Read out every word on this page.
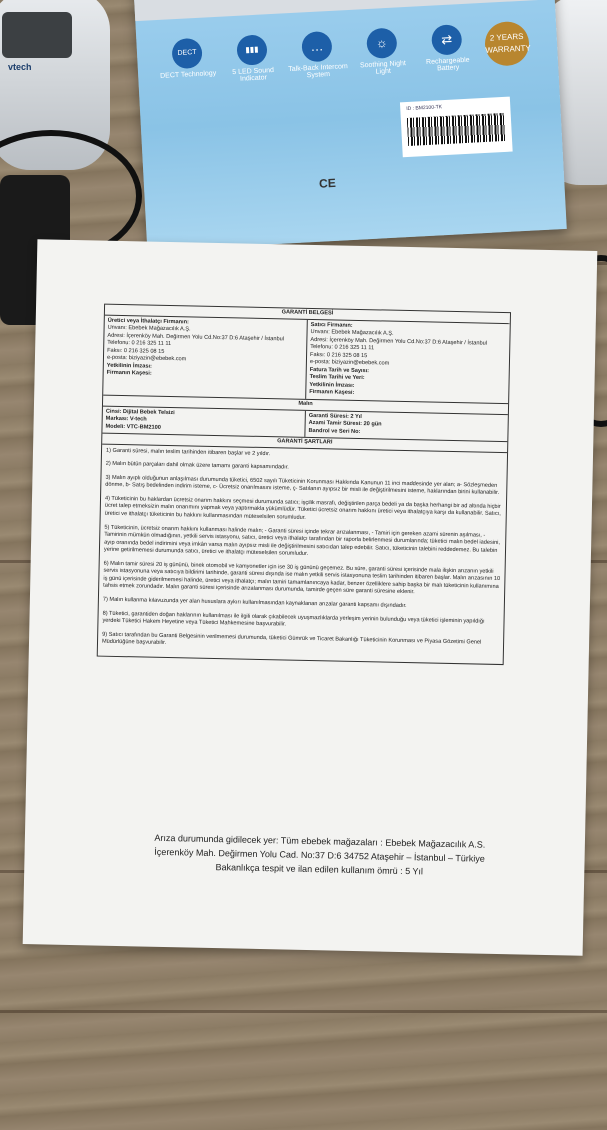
vtech
DECT
DECT Technology
▮▮▮
5 LED Sound Indicator
…
Talk-Back Intercom System
☼
Soothing Night Light
⇄
Rechargeable Battery
2 YEARS WARRANTY
ID : BM2100-TK
CE
GARANTİ BELGESİ
Üretici veya İthalatçı Firmanın:
Unvanı: Ebebek Mağazacılık A.Ş.
Adresi: İçerenköy Mah. Değirmen Yolu Cd.No:37 D:6 Ataşehir / İstanbul
Telefonu: 0 216 325 11 11
Faksı: 0 216 325 08 15
e-posta: biziyazin@ebebek.com
Yetkilinin İmzası:
Firmanın Kaşesi:
Satıcı Firmanın:
Unvanı: Ebebek Mağazacılık A.Ş.
Adresi: İçerenköy Mah. Değirmen Yolu Cd.No:37 D:6 Ataşehir / İstanbul
Telefonu: 0 216 325 11 11
Faksı: 0 216 325 08 15
e-posta: biziyazin@ebebek.com
Fatura Tarih ve Sayısı:
Teslim Tarihi ve Yeri:
Yetkilinin İmzası:
Firmanın Kaşesi:
Malın
Cinsi: Dijital Bebek Telsizi
Markası: V-tech
Modeli: VTC-BM2100
Garanti Süresi: 2 Yıl
Azami Tamir Süresi: 20 gün
Bandrol ve Seri No:
GARANTİ ŞARTLARI

1) Garanti süresi, malın teslim tarihinden itibaren başlar ve 2 yıldır.

2) Malın bütün parçaları dahil olmak üzere tamamı garanti kapsamındadır.

3) Malın ayıplı olduğunun anlaşılması durumunda tüketici, 6502 sayılı Tüketicinin Korunması Hakkında Kanunun 11 inci maddesinde yer alan; a- Sözleşmeden dönme, b- Satış bedelinden indirim isteme, c- Ücretsiz onarılmasını isteme, ç- Satılanın ayıpsız bir misli ile değiştirilmesini isteme, haklarından birini kullanabilir.

4) Tüketicinin bu haklardan ücretsiz onarım hakkını seçmesi durumunda satıcı; işçilik masrafı, değiştirilen parça bedeli ya da başka herhangi bir ad altında hiçbir ücret talep etmeksizin malın onarımını yapmak veya yaptırmakla yükümlüdür. Tüketici ücretsiz onarım hakkını üretici veya ithalatçıya karşı da kullanabilir. Satıcı, üretici ve ithalatçı tüketicinin bu hakkını kullanmasından müteselsilen sorumludur.

5) Tüketicinin, ücretsiz onarım hakkını kullanması halinde malın; - Garanti süresi içinde tekrar arızalanması, - Tamiri için gereken azami sürenin aşılması, - Tamirinin mümkün olmadığının, yetkili servis istasyonu, satıcı, üretici veya ithalatçı tarafından bir raporla belirlenmesi durumlarında; tüketici malın bedel iadesini, ayıp oranında bedel indirimini veya imkân varsa malın ayıpsız misli ile değiştirilmesini satıcıdan talep edebilir. Satıcı, tüketicinin talebini reddedemez. Bu talebin yerine getirilmemesi durumunda satıcı, üretici ve ithalatçı müteselsilen sorumludur.

6) Malın tamir süresi 20 iş gününü, binek otomobil ve kamyonetler için ise 30 iş gününü geçemez. Bu süre, garanti süresi içerisinde mala ilişkin arızanın yetkili servis istasyonuna veya satıcıya bildirimi tarihinde, garanti süresi dışında ise malın yetkili servis istasyonuna teslim tarihinden itibaren başlar. Malın arızasının 10 iş günü içerisinde giderilmemesi halinde, üretici veya ithalatçı; malın tamiri tamamlanıncaya kadar, benzer özelliklere sahip başka bir malı tüketicinin kullanımına tahsis etmek zorundadır. Malın garanti süresi içerisinde arızalanması durumunda, tamirde geçen süre garanti süresine eklenir.

7) Malın kullanma kılavuzunda yer alan hususlara aykırı kullanılmasından kaynaklanan arızalar garanti kapsamı dışındadır.

8) Tüketici, garantiden doğan haklarının kullanılması ile ilgili olarak çıkabilecek uyuşmazlıklarda yerleşim yerinin bulunduğu veya tüketici işleminin yapıldığı yerdeki Tüketici Hakem Heyetine veya Tüketici Mahkemesine başvurabilir.

9) Satıcı tarafından bu Garanti Belgesinin verilmemesi durumunda, tüketici Gümrük ve Ticaret Bakanlığı Tüketicinin Korunması ve Piyasa Gözetimi Genel Müdürlüğüne başvurabilir.

Arıza durumunda gidilecek yer: Tüm ebebek mağazaları : Ebebek Mağazacılık A.S.
İçerenköy Mah. Değirmen Yolu Cad. No:37 D:6 34752 Ataşehir – İstanbul – Türkiye
Bakanlıkça tespit ve ilan edilen kullanım ömrü : 5 Yıl
